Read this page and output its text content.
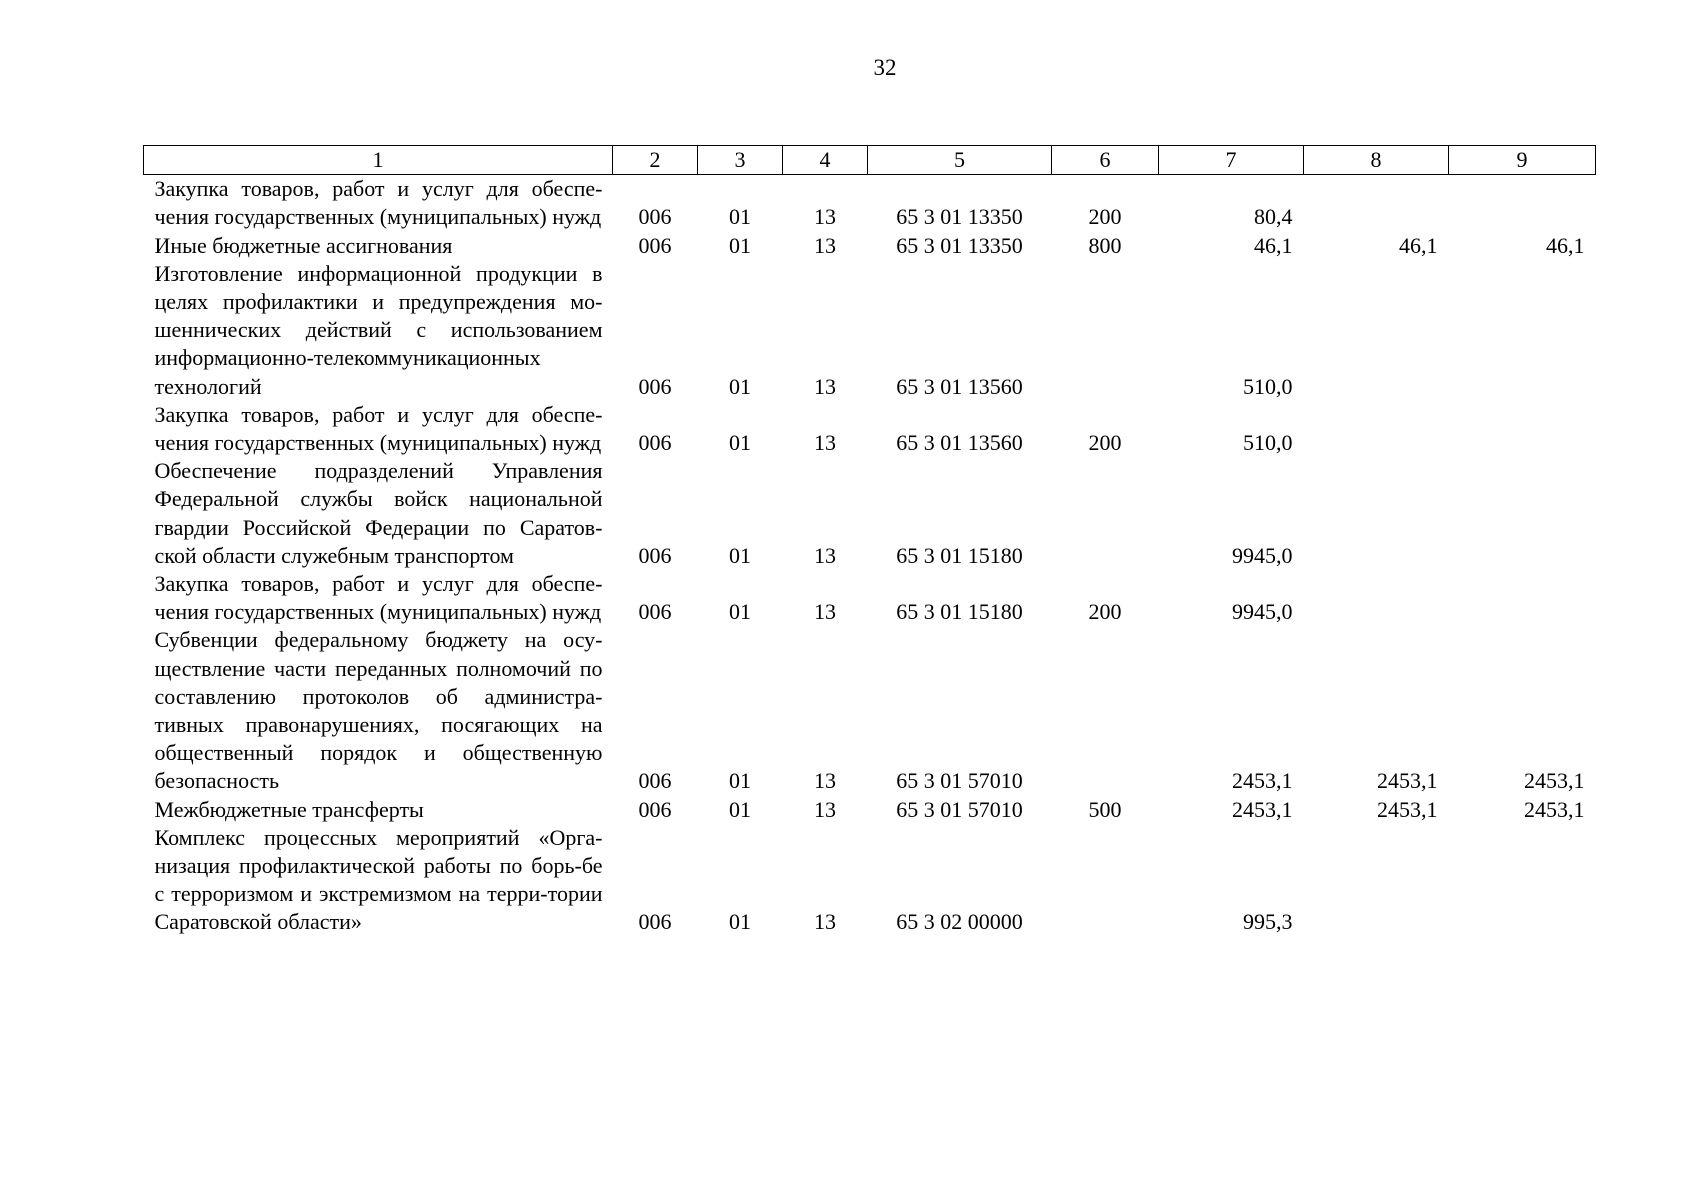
32
1	2	3	4	5	6	7	8	9
Закупка товаров, работ и услуг для обеспе-чения государственных (муниципальных) нужд	006	01	13	65 3 01 13350	200	80,4		
Иные бюджетные ассигнования	006	01	13	65 3 01 13350	800	46,1	46,1	46,1
Изготовление информационной продукции в целях профилактики и предупреждения мо-шеннических действий с использованием информационно-телекоммуникационных технологий	006	01	13	65 3 01 13560		510,0		
Закупка товаров, работ и услуг для обеспе-чения государственных (муниципальных) нужд	006	01	13	65 3 01 13560	200	510,0		
Обеспечение подразделений Управления Федеральной службы войск национальной гвардии Российской Федерации по Саратов-ской области служебным транспортом	006	01	13	65 3 01 15180		9945,0		
Закупка товаров, работ и услуг для обеспе-чения государственных (муниципальных) нужд	006	01	13	65 3 01 15180	200	9945,0		
Субвенции федеральному бюджету на осу-ществление части переданных полномочий по составлению протоколов об администра-тивных правонарушениях, посягающих на общественный порядок и общественную безопасность	006	01	13	65 3 01 57010		2453,1	2453,1	2453,1
Межбюджетные трансферты	006	01	13	65 3 01 57010	500	2453,1	2453,1	2453,1
Комплекс процессных мероприятий «Орга-низация профилактической работы по борь-бе с терроризмом и экстремизмом на терри-тории Саратовской области»	006	01	13	65 3 02 00000		995,3		
